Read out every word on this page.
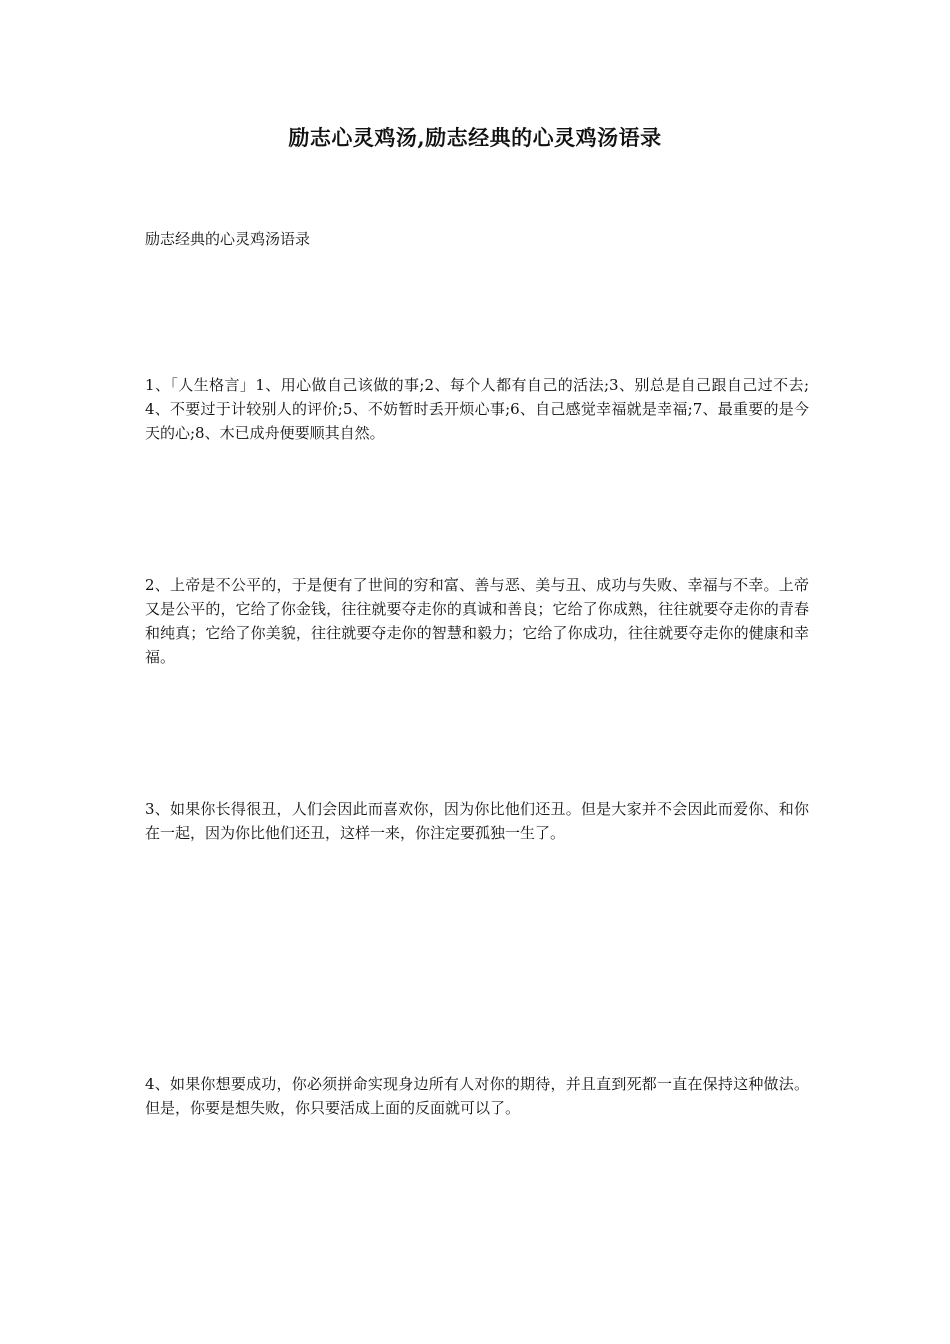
励志心灵鸡汤,励志经典的心灵鸡汤语录
励志经典的心灵鸡汤语录
1、「人生格言」1、用心做自己该做的事;2、每个人都有自己的活法;3、别总是自己跟自己过不去;4、不要过于计较别人的评价;5、不妨暂时丢开烦心事;6、自己感觉幸福就是幸福;7、最重要的是今天的心;8、木已成舟便要顺其自然。
2、上帝是不公平的，于是便有了世间的穷和富、善与恶、美与丑、成功与失败、幸福与不幸。上帝又是公平的，它给了你金钱，往往就要夺走你的真诚和善良；它给了你成熟，往往就要夺走你的青春和纯真；它给了你美貌，往往就要夺走你的智慧和毅力；它给了你成功，往往就要夺走你的健康和幸福。
3、如果你长得很丑，人们会因此而喜欢你，因为你比他们还丑。但是大家并不会因此而爱你、和你在一起，因为你比他们还丑，这样一来，你注定要孤独一生了。
4、如果你想要成功，你必须拼命实现身边所有人对你的期待，并且直到死都一直在保持这种做法。但是，你要是想失败，你只要活成上面的反面就可以了。
